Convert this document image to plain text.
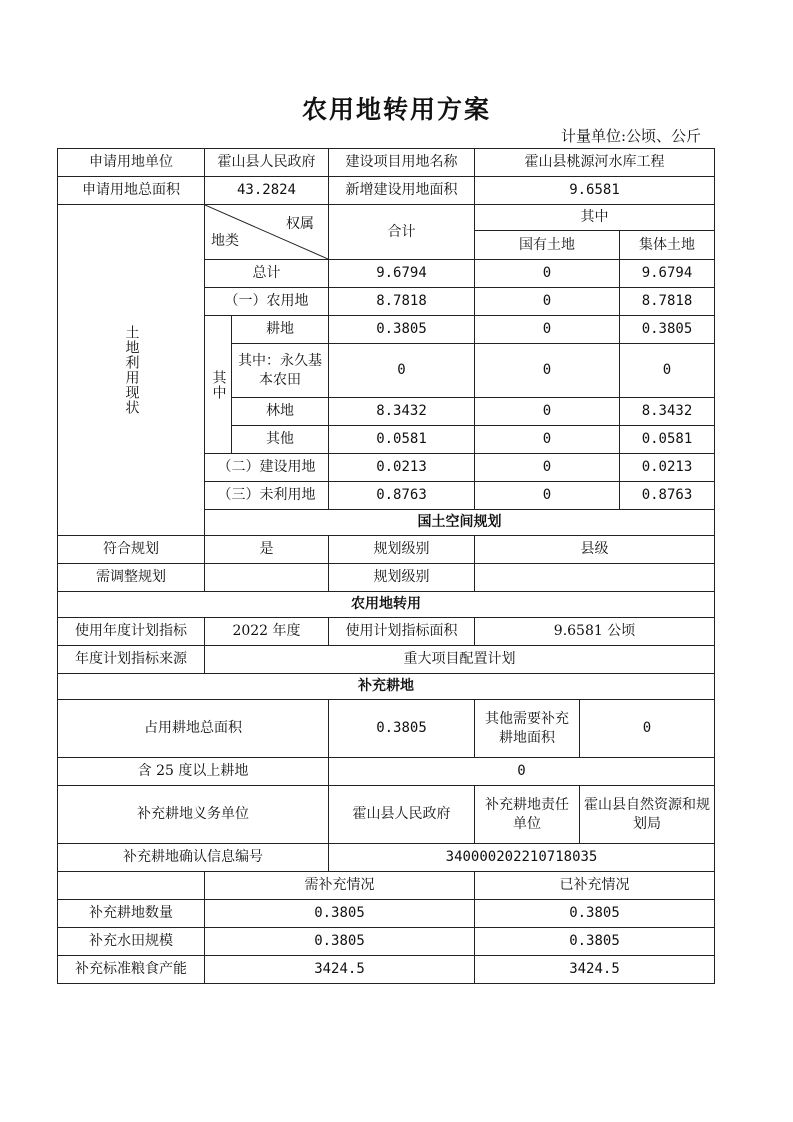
农用地转用方案
计量单位:公顷、公斤
申请用地单位	霍山县人民政府		建设项目用地名称	霍山县桃源河水库工程		
申请用地总面积	43.2824		新增建设用地面积	9.6581		

土地利用现状	权属
地类		合计	其中		
				国有土地		集体土地
	总计		9.6794	0		9.6794
	（一）农用地		8.7818	0		8.7818

	其中	耕地	0.3805	0		0.3805
		其中：永久基本农田	0	0		0
		林地	8.3432	0		8.3432
		其他	0.0581	0		0.0581
	（二）建设用地		0.0213	0		0.0213
	（三）未利用地		0.8763	0		0.8763
	国土空间规划					
符合规划	是		规划级别	县级		
需调整规划			规划级别			
农用地转用						
使用年度计划指标	2022 年度		使用计划指标面积	9.6581 公顷		
年度计划指标来源	重大项目配置计划					
补充耕地						
占用耕地总面积			0.3805	其他需要补充耕地面积	0	
含 25 度以上耕地			0			
补充耕地义务单位			霍山县人民政府	补充耕地责任单位	霍山县自然资源和规划局	
补充耕地确认信息编号			340000202210718035			
	需补充情况			已补充情况		
补充耕地数量	0.3805			0.3805		
补充水田规模	0.3805			0.3805		
补充标准粮食产能	3424.5			3424.5		
